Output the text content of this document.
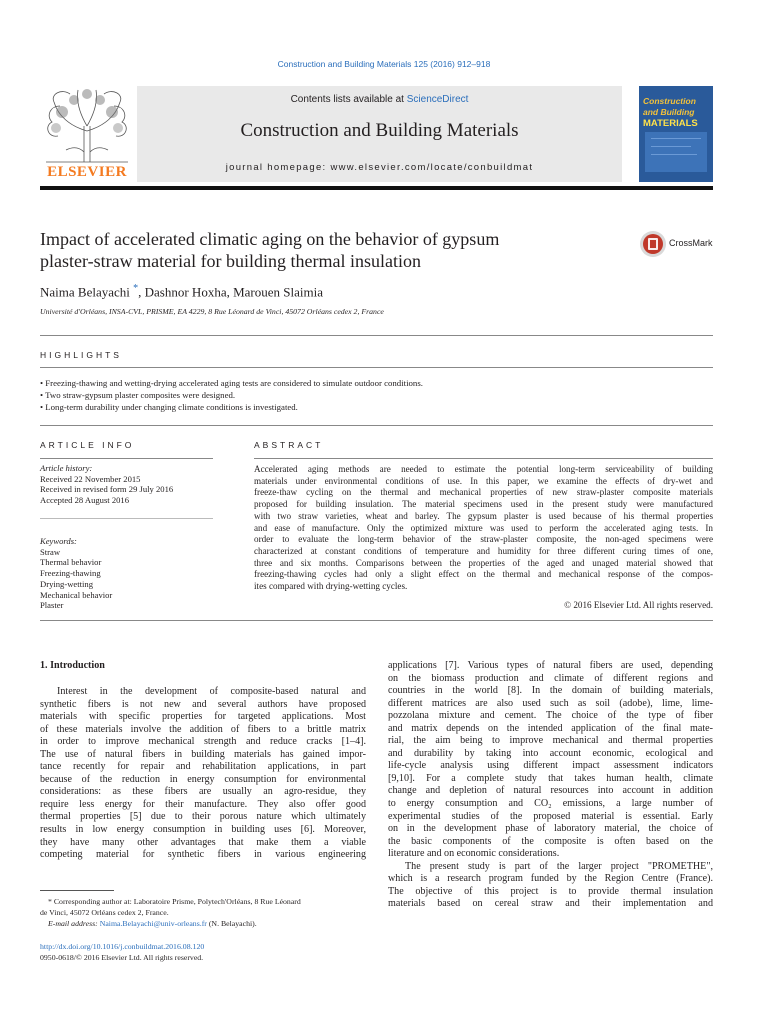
Construction and Building Materials 125 (2016) 912–918
ELSEVIER
Contents lists available at ScienceDirect
Construction and Building Materials
journal homepage: www.elsevier.com/locate/conbuildmat
Construction
and Building
MATERIALS
Impact of accelerated climatic aging on the behavior of gypsum
plaster-straw material for building thermal insulation
CrossMark
Naima Belayachi *, Dashnor Hoxha, Marouen Slaimia
Université d'Orléans, INSA-CVL, PRISME, EA 4229, 8 Rue Léonard de Vinci, 45072 Orléans cedex 2, France
HIGHLIGHTS
• Freezing-thawing and wetting-drying accelerated aging tests are considered to simulate outdoor conditions.
• Two straw-gypsum plaster composites were designed.
• Long-term durability under changing climate conditions is investigated.
ARTICLE INFO
Article history:
Received 22 November 2015
Received in revised form 29 July 2016
Accepted 28 August 2016
Keywords:
Straw
Thermal behavior
Freezing-thawing
Drying-wetting
Mechanical behavior
Plaster
ABSTRACT
Accelerated aging methods are needed to estimate the potential long-term serviceability of building
materials under environmental conditions of use. In this paper, we examine the effects of dry-wet and
freeze-thaw cycling on the thermal and mechanical properties of new straw-plaster composite materials
proposed for building insulation. The material specimens used in the present study were manufactured
with two straw varieties, wheat and barley. The gypsum plaster is used because of his thermal properties
and ease of manufacture. Only the optimized mixture was used to perform the accelerated aging tests. In
order to evaluate the long-term behavior of the straw-plaster composite, the non-aged specimens were
characterized at constant conditions of temperature and humidity for three different curing times of one,
three and six months. Comparisons between the properties of the aged and unaged material showed that
freezing-thawing cycles had only a slight effect on the thermal and mechanical response of the compos-
ites compared with drying-wetting cycles.
© 2016 Elsevier Ltd. All rights reserved.
1. Introduction
Interest in the development of composite-based natural and
synthetic fibers is not new and several authors have proposed
materials with specific properties for targeted applications. Most
of these materials involve the addition of fibers to a brittle matrix
in order to improve mechanical strength and reduce cracks [1–4].
The use of natural fibers in building materials has gained impor-
tance recently for repair and rehabilitation applications, in part
because of the reduction in energy consumption for environmental
considerations: as these fibers are usually an agro-residue, they
require less energy for their manufacture. They also offer good
thermal properties [5] due to their porous nature which ultimately
results in low energy consumption in building uses [6]. Moreover,
they have many other advantages that make them a viable
competing material for synthetic fibers in various engineering
applications [7]. Various types of natural fibers are used, depending
on the biomass production and climate of different regions and
countries in the world [8]. In the domain of building materials,
different matrices are also used such as soil (adobe), lime, lime-
pozzolana mixture and cement. The choice of the type of fiber
and matrix depends on the intended application of the final mate-
rial, the aim being to improve mechanical and thermal properties
and durability by taking into account economic, ecological and
life-cycle analysis using different impact assessment indicators
[9,10]. For a complete study that takes human health, climate
change and depletion of natural resources into account in addition
to energy consumption and CO₂ emissions, a large number of
experimental studies of the proposed material is essential. Early
on in the development phase of laboratory material, the choice of
the basic components of the composite is often based on the
literature and on economic considerations.
The present study is part of the larger project "PROMETHE",
which is a research program funded by the Region Centre (France).
The objective of this project is to provide thermal insulation
materials based on cereal straw and their implementation and
* Corresponding author at: Laboratoire Prisme, Polytech'Orléans, 8 Rue Léonard
de Vinci, 45072 Orléans cedex 2, France.
E-mail address: Naima.Belayachi@univ-orleans.fr (N. Belayachi).
http://dx.doi.org/10.1016/j.conbuildmat.2016.08.120
0950-0618/© 2016 Elsevier Ltd. All rights reserved.
